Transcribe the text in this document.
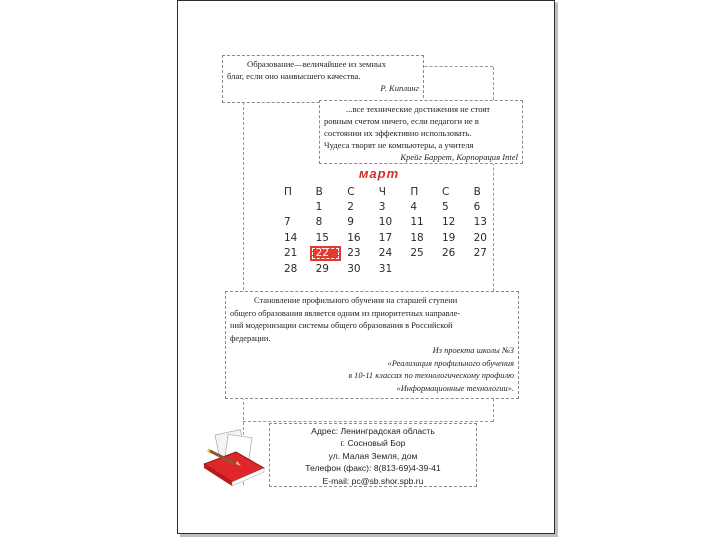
Образование—величайшее из земных

благ, если оно наивысшего качества.

Р. Киплинг

...все технические достижения не стоят

ровным счетом ничего, если педагоги не в

состоянии их эффективно использовать.

Чудеса творят не компьютеры, а учителя

Крейг Баррет, Корпорация Intel

март
П	В	С	Ч	П	С	В
	1	2	3	4	5	6
7	8	9	10	11	12	13
14	15	16	17	18	19	20
21	22	23	24	25	26	27
28	29	30	31			

Становление профильного обучения на старшей ступени

общего образования является одним из приоритетных направле-

ний модернизации системы общего образования в Российской

федерации.

Из проекта школы №3

«Реализация профильного обучения

в 10-11 классах по технологическому профилю

«Информационные технологии».

Адрес: Ленинградская область

г. Сосновый Бор

ул. Малая Земля, дом

Телефон (факс): 8(813-69)4-39-41

E-mail: pc@sb.shor.spb.ru
